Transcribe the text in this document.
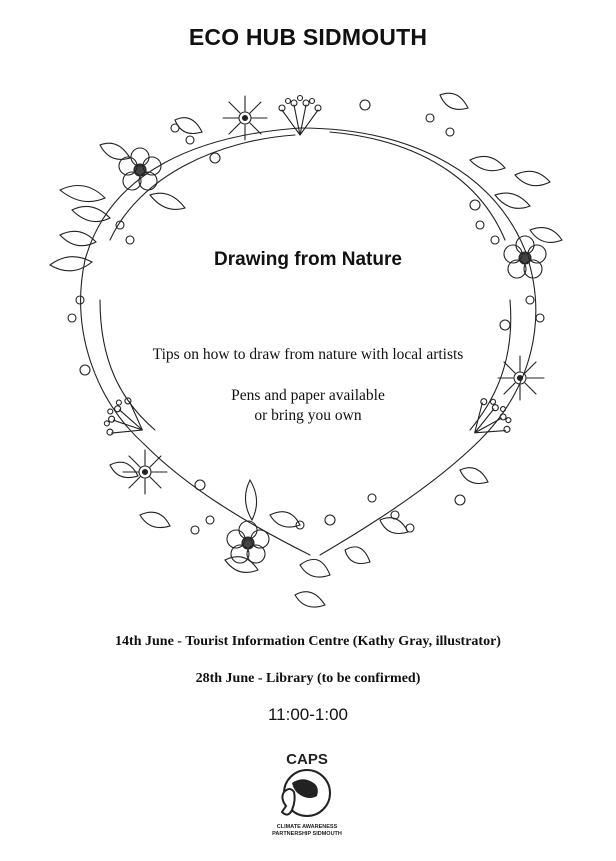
ECO HUB SIDMOUTH
Drawing from Nature
Tips on how to draw from nature with local artists
Pens and paper available
or bring you own
14th June - Tourist Information Centre (Kathy Gray, illustrator)
28th June - Library (to be confirmed)
11:00-1:00
CAPS
CLIMATE AWARENESS
PARTNERSHIP SIDMOUTH
